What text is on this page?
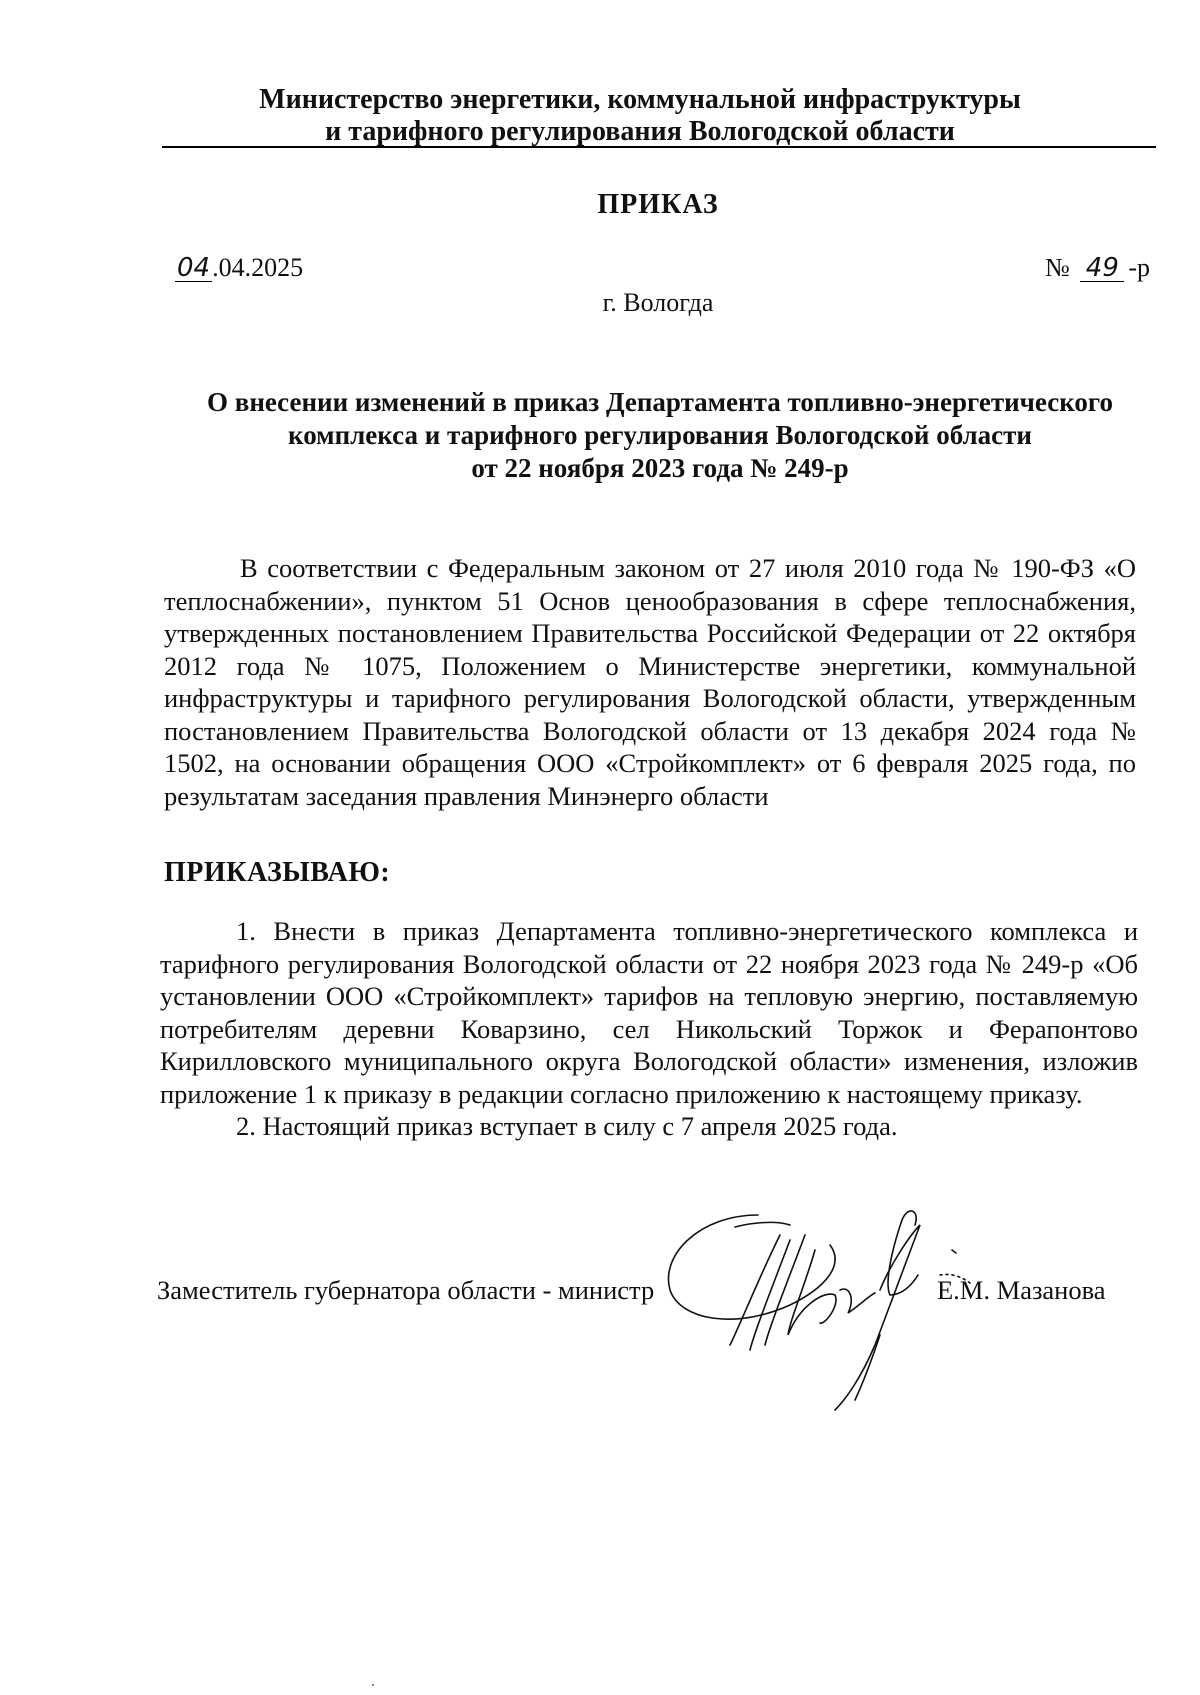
Министерство энергетики, коммунальной инфраструктуры
и тарифного регулирования Вологодской области
ПРИКАЗ
04.04.2025	№ 49 -р
г. Вологда
О внесении изменений в приказ Департамента топливно-энергетического
комплекса и тарифного регулирования Вологодской области
от 22 ноября 2023 года № 249-р
В соответствии с Федеральным законом от 27 июля 2010 года № 190-ФЗ «О теплоснабжении», пунктом 51 Основ ценообразования в сфере теплоснабжения, утвержденных постановлением Правительства Российской Федерации от 22 октября 2012 года № 1075, Положением о Министерстве энергетики, коммунальной инфраструктуры и тарифного регулирования Вологодской области, утвержденным постановлением Правительства Вологодской области от 13 декабря 2024 года № 1502, на основании обращения ООО «Стройкомплект» от 6 февраля 2025 года, по результатам заседания правления Минэнерго области
ПРИКАЗЫВАЮ:

1. Внести в приказ Департамента топливно-энергетического комплекса и тарифного регулирования Вологодской области от 22 ноября 2023 года № 249-р «Об установлении ООО «Стройкомплект» тарифов на тепловую энергию, поставляемую потребителям деревни Коварзино, сел Никольский Торжок и Ферапонтово Кирилловского муниципального округа Вологодской области» изменения, изложив приложение 1 к приказу в редакции согласно приложению к настоящему приказу.

2. Настоящий приказ вступает в силу с 7 апреля 2025 года.

Заместитель губернатора области - министр	Е.М. Мазанова
